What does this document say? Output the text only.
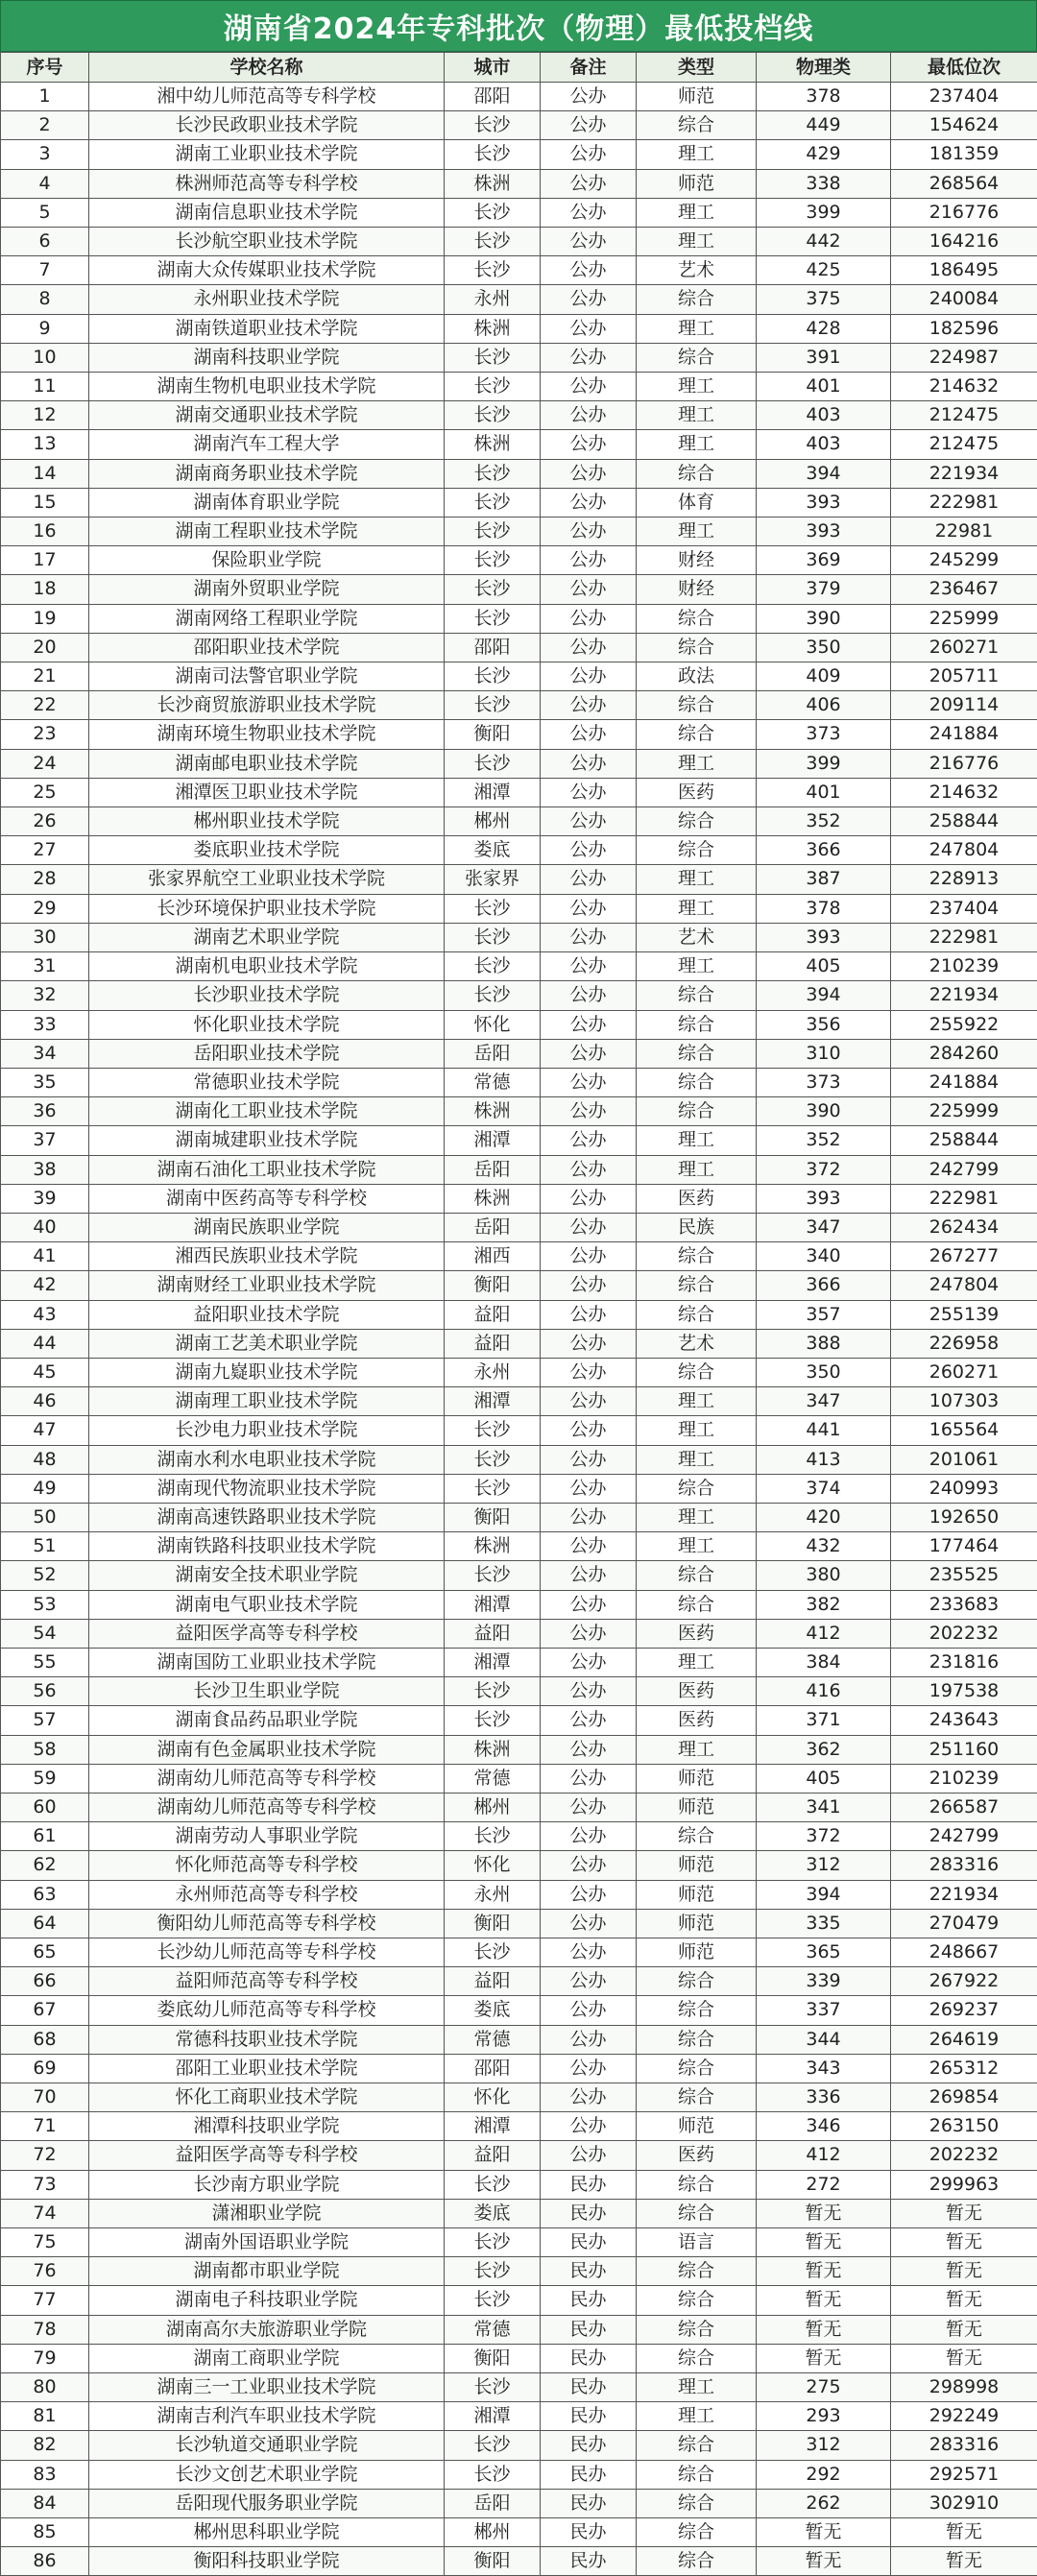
湖南省2024年专科批次（物理）最低投档线
序号	学校名称	城市	备注	类型	物理类	最低位次
1	湘中幼儿师范高等专科学校	邵阳	公办	师范	378	237404
2	长沙民政职业技术学院	长沙	公办	综合	449	154624
3	湖南工业职业技术学院	长沙	公办	理工	429	181359
4	株洲师范高等专科学校	株洲	公办	师范	338	268564
5	湖南信息职业技术学院	长沙	公办	理工	399	216776
6	长沙航空职业技术学院	长沙	公办	理工	442	164216
7	湖南大众传媒职业技术学院	长沙	公办	艺术	425	186495
8	永州职业技术学院	永州	公办	综合	375	240084
9	湖南铁道职业技术学院	株洲	公办	理工	428	182596
10	湖南科技职业学院	长沙	公办	综合	391	224987
11	湖南生物机电职业技术学院	长沙	公办	理工	401	214632
12	湖南交通职业技术学院	长沙	公办	理工	403	212475
13	湖南汽车工程大学	株洲	公办	理工	403	212475
14	湖南商务职业技术学院	长沙	公办	综合	394	221934
15	湖南体育职业学院	长沙	公办	体育	393	222981
16	湖南工程职业技术学院	长沙	公办	理工	393	22981
17	保险职业学院	长沙	公办	财经	369	245299
18	湖南外贸职业学院	长沙	公办	财经	379	236467
19	湖南网络工程职业学院	长沙	公办	综合	390	225999
20	邵阳职业技术学院	邵阳	公办	综合	350	260271
21	湖南司法警官职业学院	长沙	公办	政法	409	205711
22	长沙商贸旅游职业技术学院	长沙	公办	综合	406	209114
23	湖南环境生物职业技术学院	衡阳	公办	综合	373	241884
24	湖南邮电职业技术学院	长沙	公办	理工	399	216776
25	湘潭医卫职业技术学院	湘潭	公办	医药	401	214632
26	郴州职业技术学院	郴州	公办	综合	352	258844
27	娄底职业技术学院	娄底	公办	综合	366	247804
28	张家界航空工业职业技术学院	张家界	公办	理工	387	228913
29	长沙环境保护职业技术学院	长沙	公办	理工	378	237404
30	湖南艺术职业学院	长沙	公办	艺术	393	222981
31	湖南机电职业技术学院	长沙	公办	理工	405	210239
32	长沙职业技术学院	长沙	公办	综合	394	221934
33	怀化职业技术学院	怀化	公办	综合	356	255922
34	岳阳职业技术学院	岳阳	公办	综合	310	284260
35	常德职业技术学院	常德	公办	综合	373	241884
36	湖南化工职业技术学院	株洲	公办	综合	390	225999
37	湖南城建职业技术学院	湘潭	公办	理工	352	258844
38	湖南石油化工职业技术学院	岳阳	公办	理工	372	242799
39	湖南中医药高等专科学校	株洲	公办	医药	393	222981
40	湖南民族职业学院	岳阳	公办	民族	347	262434
41	湘西民族职业技术学院	湘西	公办	综合	340	267277
42	湖南财经工业职业技术学院	衡阳	公办	综合	366	247804
43	益阳职业技术学院	益阳	公办	综合	357	255139
44	湖南工艺美术职业学院	益阳	公办	艺术	388	226958
45	湖南九嶷职业技术学院	永州	公办	综合	350	260271
46	湖南理工职业技术学院	湘潭	公办	理工	347	107303
47	长沙电力职业技术学院	长沙	公办	理工	441	165564
48	湖南水利水电职业技术学院	长沙	公办	理工	413	201061
49	湖南现代物流职业技术学院	长沙	公办	综合	374	240993
50	湖南高速铁路职业技术学院	衡阳	公办	理工	420	192650
51	湖南铁路科技职业技术学院	株洲	公办	理工	432	177464
52	湖南安全技术职业学院	长沙	公办	综合	380	235525
53	湖南电气职业技术学院	湘潭	公办	综合	382	233683
54	益阳医学高等专科学校	益阳	公办	医药	412	202232
55	湖南国防工业职业技术学院	湘潭	公办	理工	384	231816
56	长沙卫生职业学院	长沙	公办	医药	416	197538
57	湖南食品药品职业学院	长沙	公办	医药	371	243643
58	湖南有色金属职业技术学院	株洲	公办	理工	362	251160
59	湖南幼儿师范高等专科学校	常德	公办	师范	405	210239
60	湖南幼儿师范高等专科学校	郴州	公办	师范	341	266587
61	湖南劳动人事职业学院	长沙	公办	综合	372	242799
62	怀化师范高等专科学校	怀化	公办	师范	312	283316
63	永州师范高等专科学校	永州	公办	师范	394	221934
64	衡阳幼儿师范高等专科学校	衡阳	公办	师范	335	270479
65	长沙幼儿师范高等专科学校	长沙	公办	师范	365	248667
66	益阳师范高等专科学校	益阳	公办	综合	339	267922
67	娄底幼儿师范高等专科学校	娄底	公办	综合	337	269237
68	常德科技职业技术学院	常德	公办	综合	344	264619
69	邵阳工业职业技术学院	邵阳	公办	综合	343	265312
70	怀化工商职业技术学院	怀化	公办	综合	336	269854
71	湘潭科技职业学院	湘潭	公办	师范	346	263150
72	益阳医学高等专科学校	益阳	公办	医药	412	202232
73	长沙南方职业学院	长沙	民办	综合	272	299963
74	潇湘职业学院	娄底	民办	综合	暂无	暂无
75	湖南外国语职业学院	长沙	民办	语言	暂无	暂无
76	湖南都市职业学院	长沙	民办	综合	暂无	暂无
77	湖南电子科技职业学院	长沙	民办	综合	暂无	暂无
78	湖南高尔夫旅游职业学院	常德	民办	综合	暂无	暂无
79	湖南工商职业学院	衡阳	民办	综合	暂无	暂无
80	湖南三一工业职业技术学院	长沙	民办	理工	275	298998
81	湖南吉利汽车职业技术学院	湘潭	民办	理工	293	292249
82	长沙轨道交通职业学院	长沙	民办	综合	312	283316
83	长沙文创艺术职业学院	长沙	民办	综合	292	292571
84	岳阳现代服务职业学院	岳阳	民办	综合	262	302910
85	郴州思科职业学院	郴州	民办	综合	暂无	暂无
86	衡阳科技职业学院	衡阳	民办	综合	暂无	暂无
